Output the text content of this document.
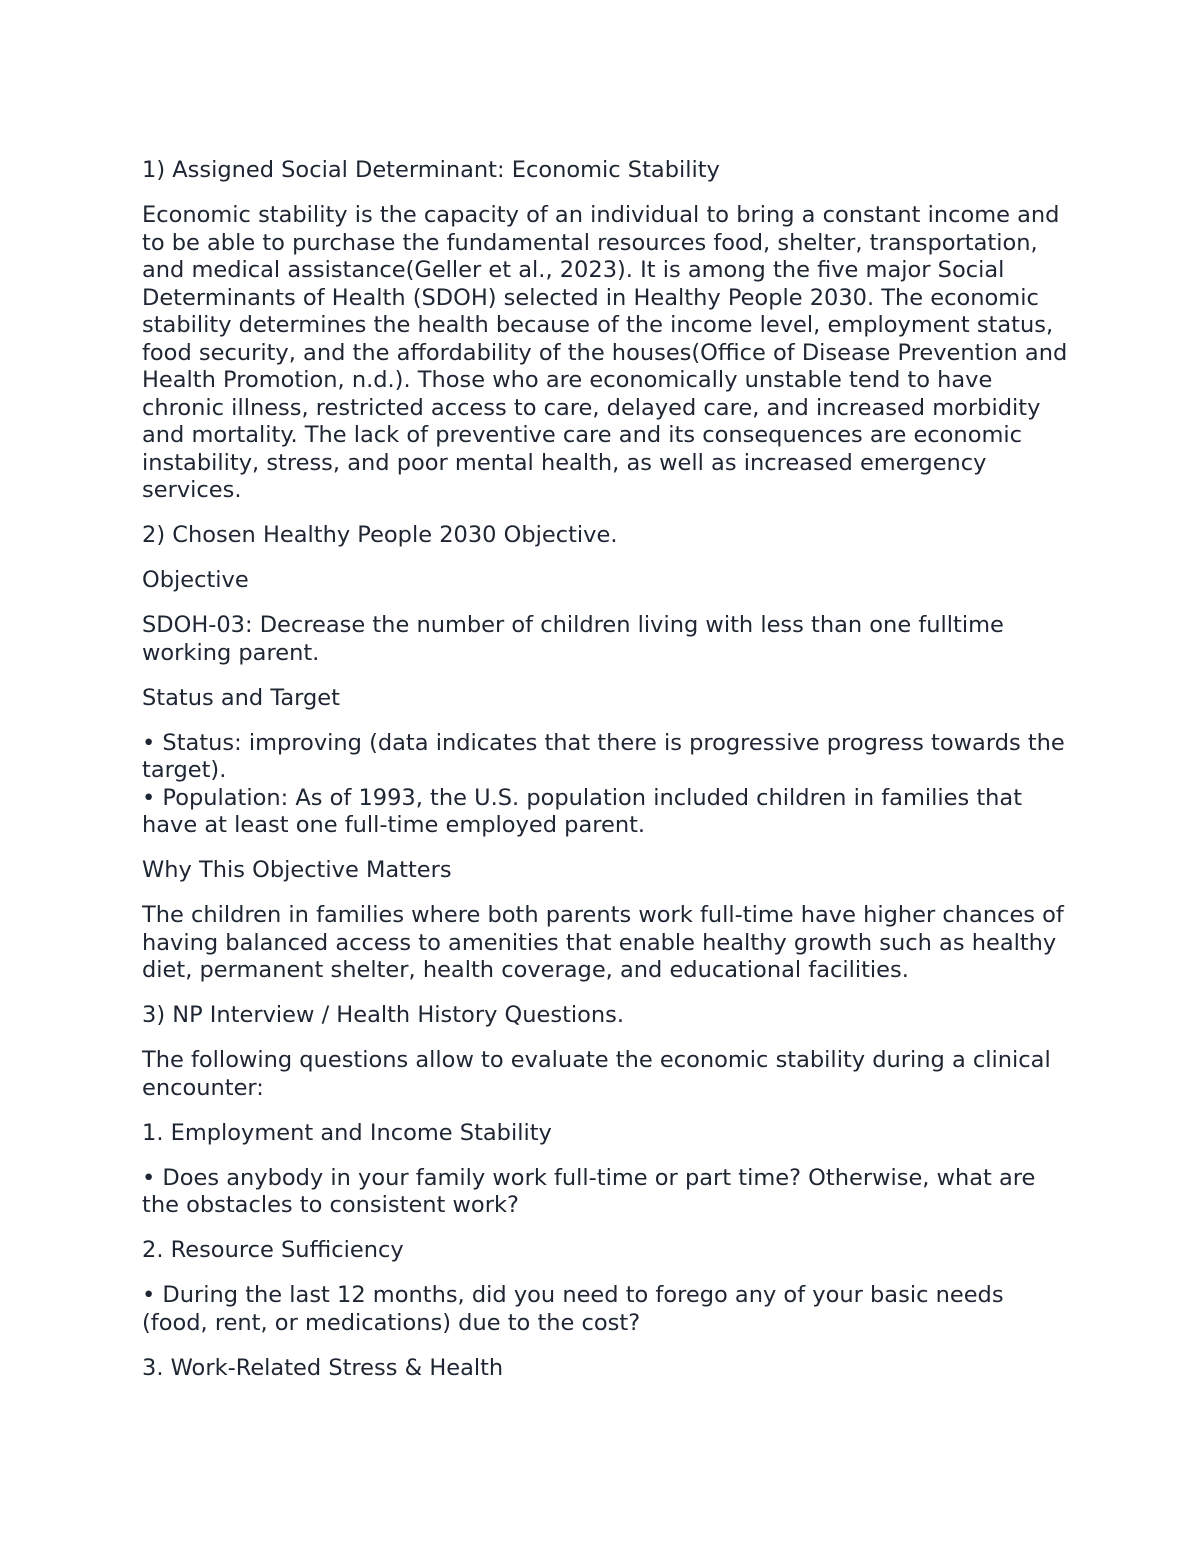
1) Assigned Social Determinant: Economic Stability

Economic stability is the capacity of an individual to bring a constant income and to be able to purchase the fundamental resources food, shelter, transportation, and medical assistance(Geller et al., 2023). It is among the five major Social Determinants of Health (SDOH) selected in Healthy People 2030. The economic stability determines the health because of the income level, employment status, food security, and the affordability of the houses(Office of Disease Prevention and Health Promotion, n.d.). Those who are economically unstable tend to have chronic illness, restricted access to care, delayed care, and increased morbidity and mortality. The lack of preventive care and its consequences are economic instability, stress, and poor mental health, as well as increased emergency services.

2) Chosen Healthy People 2030 Objective.

Objective

SDOH-03: Decrease the number of children living with less than one fulltime working parent.

Status and Target

• Status: improving (data indicates that there is progressive progress towards the target).

• Population: As of 1993, the U.S. population included children in families that have at least one full-time employed parent.

Why This Objective Matters

The children in families where both parents work full-time have higher chances of having balanced access to amenities that enable healthy growth such as healthy diet, permanent shelter, health coverage, and educational facilities.

3) NP Interview / Health History Questions.

The following questions allow to evaluate the economic stability during a clinical encounter:

1. Employment and Income Stability

• Does anybody in your family work full-time or part time? Otherwise, what are the obstacles to consistent work?

2. Resource Sufficiency

• During the last 12 months, did you need to forego any of your basic needs (food, rent, or medications) due to the cost?

3. Work-Related Stress & Health
